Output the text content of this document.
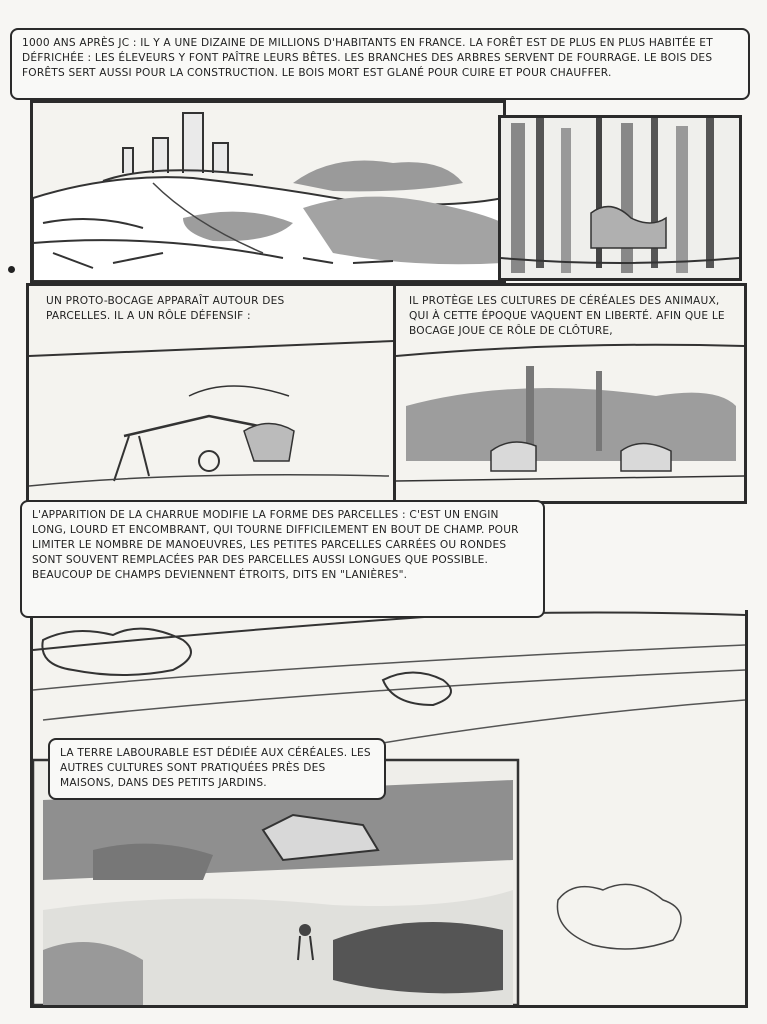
1000 ANS APRÈS JC : IL Y A UNE DIZAINE DE MILLIONS D'HABITANTS EN FRANCE. LA FORÊT EST DE PLUS EN PLUS HABITÉE ET DÉFRICHÉE : LES ÉLEVEURS Y FONT PAÎTRE LEURS BÊTES. LES BRANCHES DES ARBRES SERVENT DE FOURRAGE. LE BOIS DES FORÊTS SERT AUSSI POUR LA CONSTRUCTION. LE BOIS MORT EST GLANÉ POUR CUIRE ET POUR CHAUFFER.
UN PROTO-BOCAGE APPARAÎT AUTOUR DES PARCELLES. IL A UN RÔLE DÉFENSIF :
IL PROTÈGE LES CULTURES DE CÉRÉALES DES ANIMAUX, QUI À CETTE ÉPOQUE VAQUENT EN LIBERTÉ. AFIN QUE LE BOCAGE JOUE CE RÔLE DE CLÔTURE,
L'APPARITION DE LA CHARRUE MODIFIE LA FORME DES PARCELLES : C'EST UN ENGIN LONG, LOURD ET ENCOMBRANT, QUI TOURNE DIFFICILEMENT EN BOUT DE CHAMP. POUR LIMITER LE NOMBRE DE MANOEUVRES, LES PETITES PARCELLES CARRÉES OU RONDES SONT SOUVENT REMPLACÉES PAR DES PARCELLES AUSSI LONGUES QUE POSSIBLE. BEAUCOUP DE CHAMPS DEVIENNENT ÉTROITS, DITS EN "LANIÈRES".
LA TERRE LABOURABLE EST DÉDIÉE AUX CÉRÉALES. LES AUTRES CULTURES SONT PRATIQUÉES PRÈS DES MAISONS, DANS DES PETITS JARDINS.
